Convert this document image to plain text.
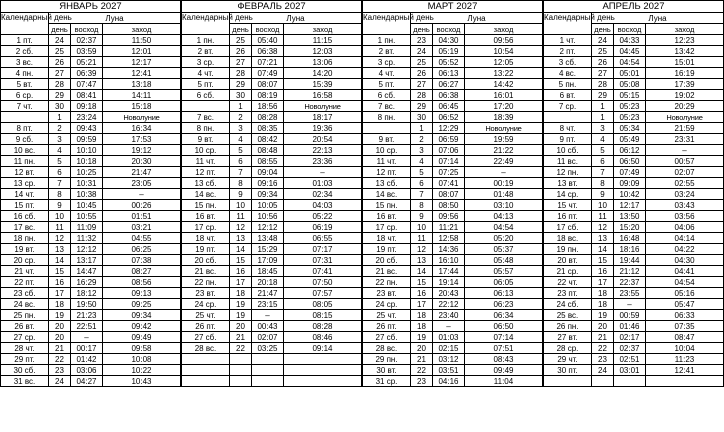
ЯНВАРЬ 2027			
Календарный день	Луна		
	день	восход	заход
1 пт.	24	02:37	11:50
2 сб.	25	03:59	12:01
3 вс.	26	05:21	12:17
4 пн.	27	06:39	12:41
5 вт.	28	07:47	13:18
6 ср.	29	08:41	14:11
7 чт.	30	09:18	15:18
	1	23:24	Новолуние
8 пт.	2	09:43	16:34
9 сб.	3	09:59	17:53
10 вс.	4	10:10	19:12
11 пн.	5	10:18	20:30
12 вт.	6	10:25	21:47
13 ср.	7	10:31	23:05
14 чт.	8	10:38	–
15 пт.	9	10:45	00:26
16 сб.	10	10:55	01:51
17 вс.	11	11:09	03:21
18 пн.	12	11:32	04:55
19 вт.	13	12:12	06:25
20 ср.	14	13:17	07:38
21 чт.	15	14:47	08:27
22 пт.	16	16:29	08:56
23 сб.	17	18:12	09:13
24 вс.	18	19:50	09:25
25 пн.	19	21:23	09:34
26 вт.	20	22:51	09:42
27 ср.	20	–	09:49
28 чт.	21	00:17	09:58
29 пт.	22	01:42	10:08
30 сб.	23	03:06	10:22
31 вс.	24	04:27	10:43
ФЕВРАЛЬ 2027			
Календарный день	Луна		
	день	восход	заход
1 пн.	25	05:40	11:15
2 вт.	26	06:38	12:03
3 ср.	27	07:21	13:06
4 чт.	28	07:49	14:20
5 пт.	29	08:07	15:39
6 сб.	30	08:19	16:58
	1	18:56	Новолуние
7 вс.	2	08:28	18:17
8 пн.	3	08:35	19:36
9 вт.	4	08:42	20:54
10 ср.	5	08:48	22:13
11 чт.	6	08:55	23:36
12 пт.	7	09:04	–
13 сб.	8	09:16	01:03
14 вс.	9	09:34	02:34
15 пн.	10	10:05	04:03
16 вт.	11	10:56	05:22
17 ср.	12	12:12	06:19
18 чт.	13	13:48	06:55
19 пт.	14	15:29	07:17
20 сб.	15	17:09	07:31
21 вс.	16	18:45	07:41
22 пн.	17	20:18	07:50
23 вт.	18	21:47	07:57
24 ср.	19	23:15	08:05
25 чт.	19	–	08:15
26 пт.	20	00:43	08:28
27 сб.	21	02:07	08:46
28 вс.	22	03:25	09:14

МАРТ 2027			
Календарный день	Луна		
	день	восход	заход
1 пн.	23	04:30	09:56
2 вт.	24	05:19	10:54
3 ср.	25	05:52	12:05
4 чт.	26	06:13	13:22
5 пт.	27	06:27	14:42
6 сб.	28	06:38	16:01
7 вс.	29	06:45	17:20
8 пн.	30	06:52	18:39
	1	12:29	Новолуние
9 вт.	2	06:59	19:59
10 ср.	3	07:06	21:22
11 чт.	4	07:14	22:49
12 пт.	5	07:25	–
13 сб.	6	07:41	00:19
14 вс.	7	08:07	01:48
15 пн.	8	08:50	03:10
16 вт.	9	09:56	04:13
17 ср.	10	11:21	04:54
18 чт.	11	12:58	05:20
19 пт.	12	14:36	05:37
20 сб.	13	16:10	05:48
21 вс.	14	17:44	05:57
22 пн.	15	19:14	06:05
23 вт.	16	20:43	06:13
24 ср.	17	22:12	06:23
25 чт.	18	23:40	06:34
26 пт.	18	–	06:50
27 сб.	19	01:03	07:14
28 вс.	20	02:15	07:51
29 пн.	21	03:12	08:43
30 вт.	22	03:51	09:49
31 ср.	23	04:16	11:04
АПРЕЛЬ 2027			
Календарный день	Луна		
	день	восход	заход
1 чт.	24	04:33	12:23
2 пт.	25	04:45	13:42
3 сб.	26	04:54	15:01
4 вс.	27	05:01	16:19
5 пн.	28	05:08	17:39
6 вт.	29	05:15	19:02
7 ср.	1	05:23	20:29
	1	05:23	Новолуние
8 чт.	3	05:34	21:59
9 пт.	4	05:49	23:31
10 сб.	5	06:12	–
11 вс.	6	06:50	00:57
12 пн.	7	07:49	02:07
13 вт.	8	09:09	02:55
14 ср.	9	10:42	03:24
15 чт.	10	12:17	03:43
16 пт.	11	13:50	03:56
17 сб.	12	15:20	04:06
18 вс.	13	16:48	04:14
19 пн.	14	18:16	04:22
20 вт.	15	19:44	04:30
21 ср.	16	21:12	04:41
22 чт.	17	22:37	04:54
23 пт.	18	23:55	05:16
24 сб.	18	–	05:47
25 вс.	19	00:59	06:33
26 пн.	20	01:46	07:35
27 вт.	21	02:17	08:47
28 ср.	22	02:37	10:04
29 чт.	23	02:51	11:23
30 пт.	24	03:01	12:41
